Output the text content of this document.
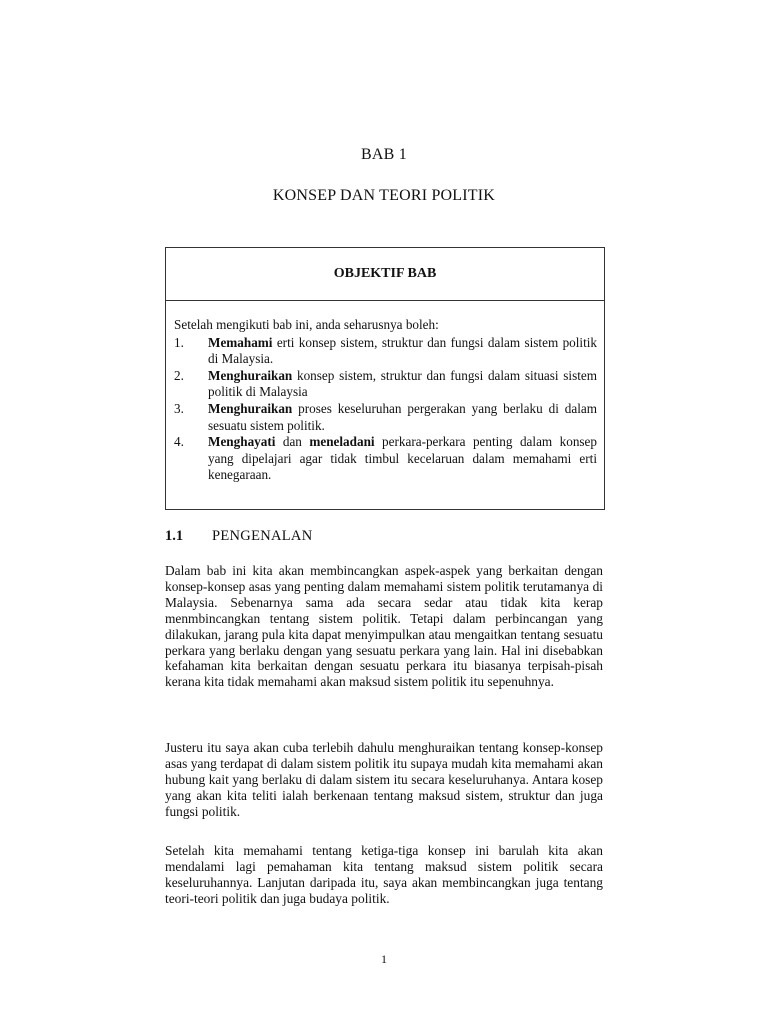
BAB 1
KONSEP DAN TEORI POLITIK
OBJEKTIF BAB
Setelah mengikuti bab ini, anda seharusnya boleh:
1.	Memahami erti konsep sistem, struktur dan fungsi dalam sistem politik di Malaysia.
2.	Menghuraikan konsep sistem, struktur dan fungsi dalam situasi sistem politik di Malaysia
3.	Menghuraikan proses keseluruhan pergerakan yang berlaku di dalam sesuatu sistem politik.
4.	Menghayati dan meneladani perkara-perkara penting dalam konsep yang dipelajari agar tidak timbul kecelaruan dalam memahami erti kenegaraan.
1.1	PENGENALAN
Dalam bab ini kita akan membincangkan aspek-aspek yang berkaitan dengan konsep-konsep asas yang penting dalam memahami sistem politik terutamanya di Malaysia. Sebenarnya sama ada secara sedar atau tidak kita kerap menmbincangkan tentang sistem politik. Tetapi dalam perbincangan yang dilakukan, jarang pula kita dapat menyimpulkan atau mengaitkan tentang sesuatu perkara yang berlaku dengan yang sesuatu perkara yang lain. Hal ini disebabkan kefahaman kita berkaitan dengan sesuatu perkara itu biasanya terpisah-pisah kerana kita tidak memahami akan maksud sistem politik itu sepenuhnya.
Justeru itu saya akan cuba terlebih dahulu menghuraikan tentang konsep-konsep asas yang terdapat di dalam sistem politik itu supaya mudah kita memahami akan hubung kait yang berlaku di dalam sistem itu secara keseluruhanya. Antara kosep yang akan kita teliti ialah berkenaan tentang maksud sistem, struktur dan juga fungsi politik.
Setelah kita memahami tentang ketiga-tiga konsep ini barulah kita akan mendalami lagi pemahaman kita tentang maksud sistem politik secara keseluruhannya. Lanjutan daripada itu, saya akan membincangkan juga tentang teori-teori politik dan juga budaya politik.
1
